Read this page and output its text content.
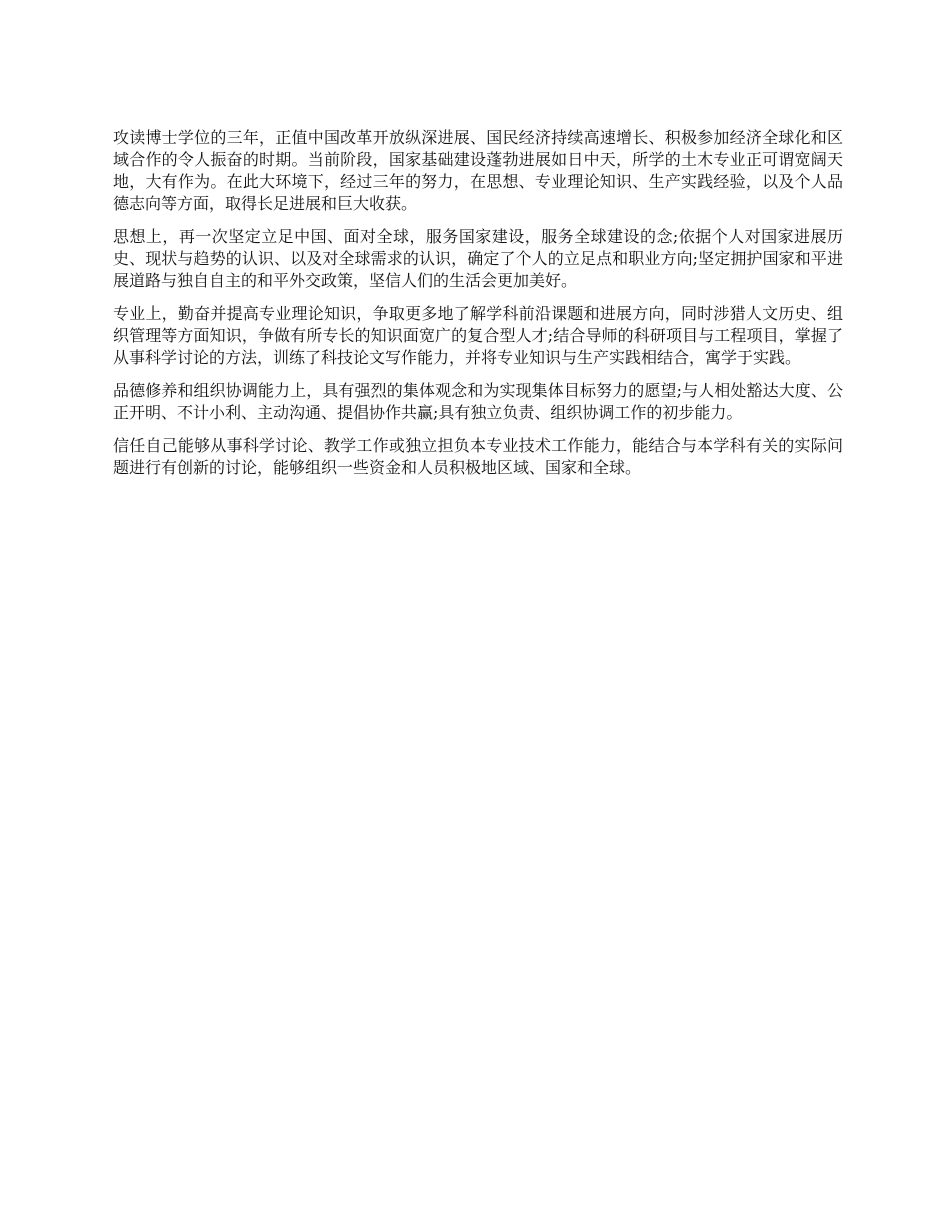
攻读博士学位的三年，正值中国改革开放纵深进展、国民经济持续高速增长、积极参加经济全球化和区域合作的令人振奋的时期。当前阶段，国家基础建设蓬勃进展如日中天，所学的土木专业正可谓宽阔天地，大有作为。在此大环境下，经过三年的努力，在思想、专业理论知识、生产实践经验，以及个人品德志向等方面，取得长足进展和巨大收获。

思想上，再一次坚定立足中国、面对全球，服务国家建设，服务全球建设的念;依据个人对国家进展历史、现状与趋势的认识、以及对全球需求的认识，确定了个人的立足点和职业方向;坚定拥护国家和平进展道路与独自自主的和平外交政策，坚信人们的生活会更加美好。

专业上，勤奋并提高专业理论知识，争取更多地了解学科前沿课题和进展方向，同时涉猎人文历史、组织管理等方面知识，争做有所专长的知识面宽广的复合型人才;结合导师的科研项目与工程项目，掌握了从事科学讨论的方法，训练了科技论文写作能力，并将专业知识与生产实践相结合，寓学于实践。

品德修养和组织协调能力上，具有强烈的集体观念和为实现集体目标努力的愿望;与人相处豁达大度、公正开明、不计小利、主动沟通、提倡协作共赢;具有独立负责、组织协调工作的初步能力。

信任自己能够从事科学讨论、教学工作或独立担负本专业技术工作能力，能结合与本学科有关的实际问题进行有创新的讨论，能够组织一些资金和人员积极地区域、国家和全球。
